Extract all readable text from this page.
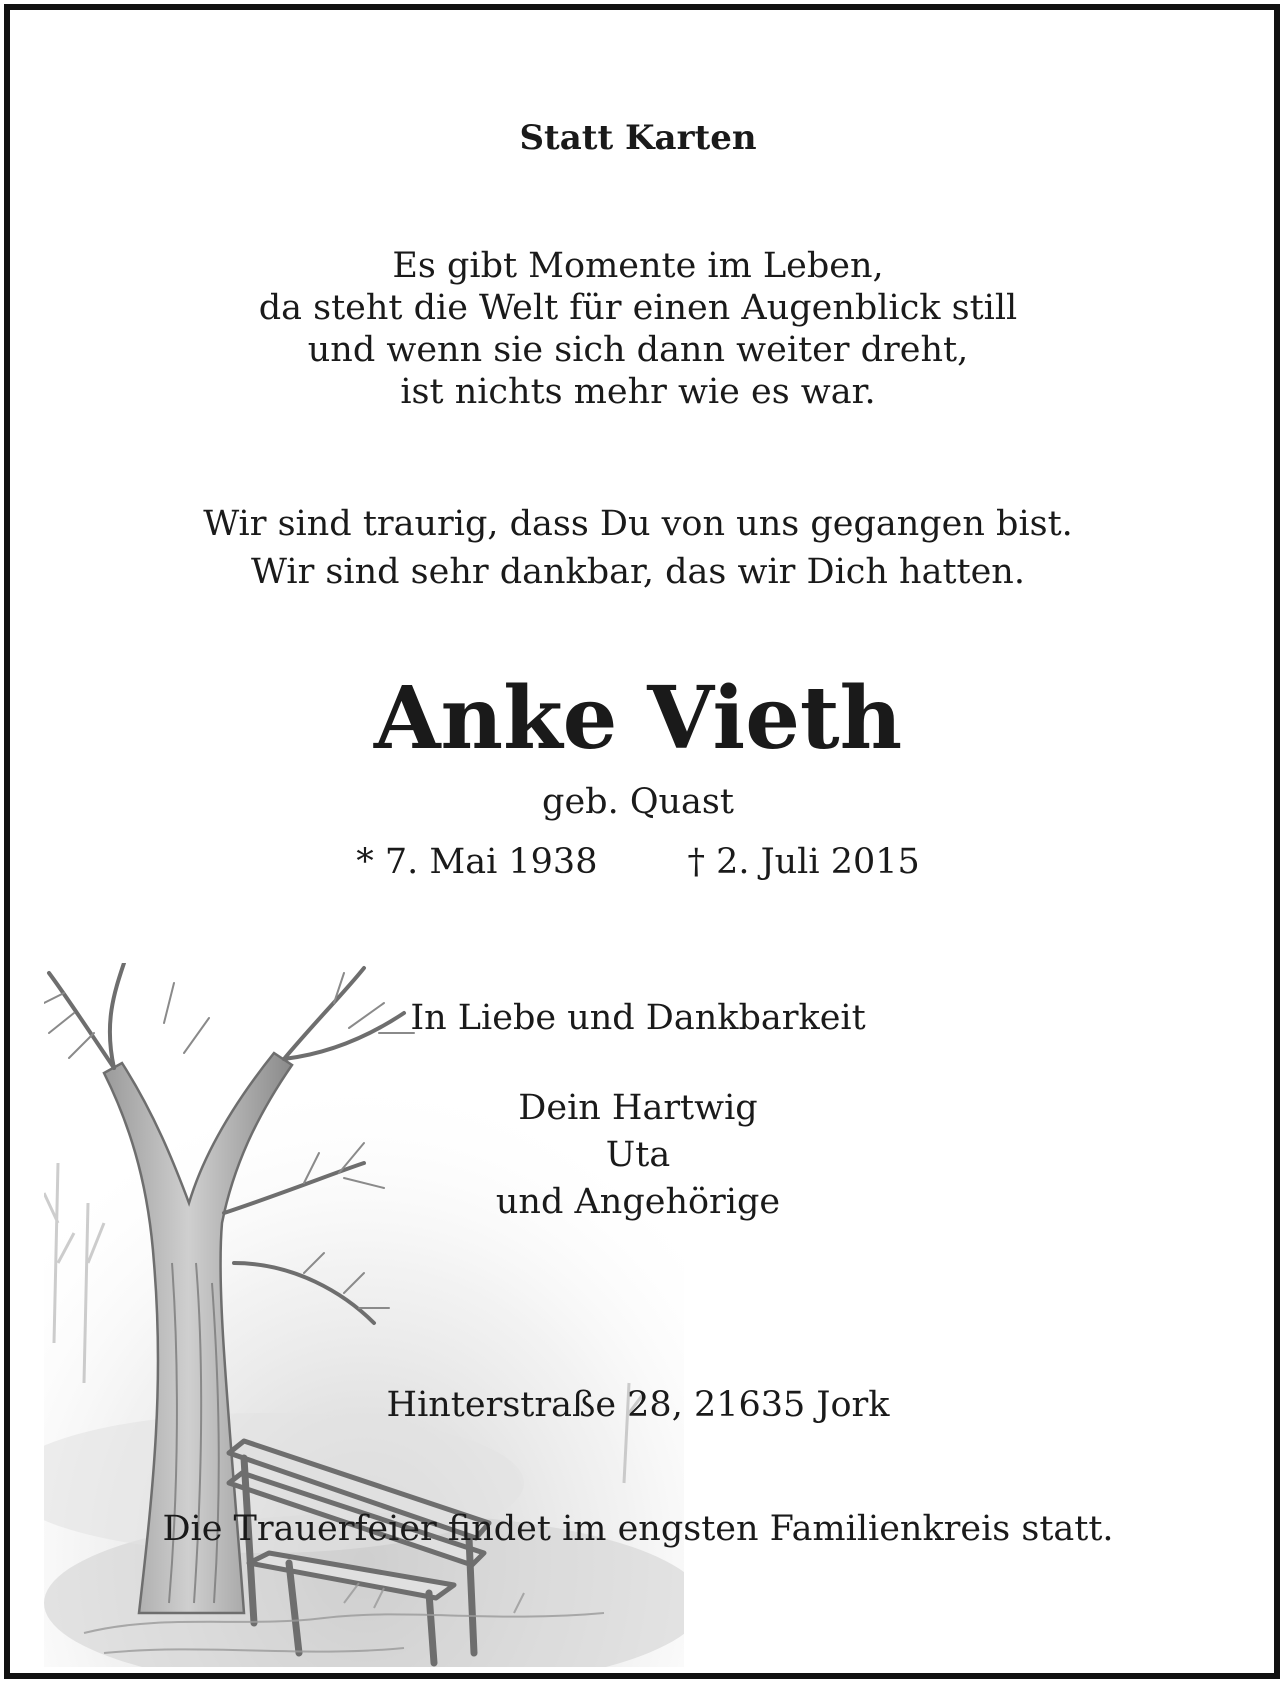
Statt Karten
Es gibt Momente im Leben,
da steht die Welt für einen Augenblick still
und wenn sie sich dann weiter dreht,
ist nichts mehr wie es war.
Wir sind traurig, dass Du von uns gegangen bist.
Wir sind sehr dankbar, das wir Dich hatten.
Anke Vieth
geb. Quast
* 7. Mai 1938	† 2. Juli 2015
In Liebe und Dankbarkeit
Dein Hartwig
Uta
und Angehörige
Hinterstraße 28, 21635 Jork
Die Trauerfeier findet im engsten Familienkreis statt.
